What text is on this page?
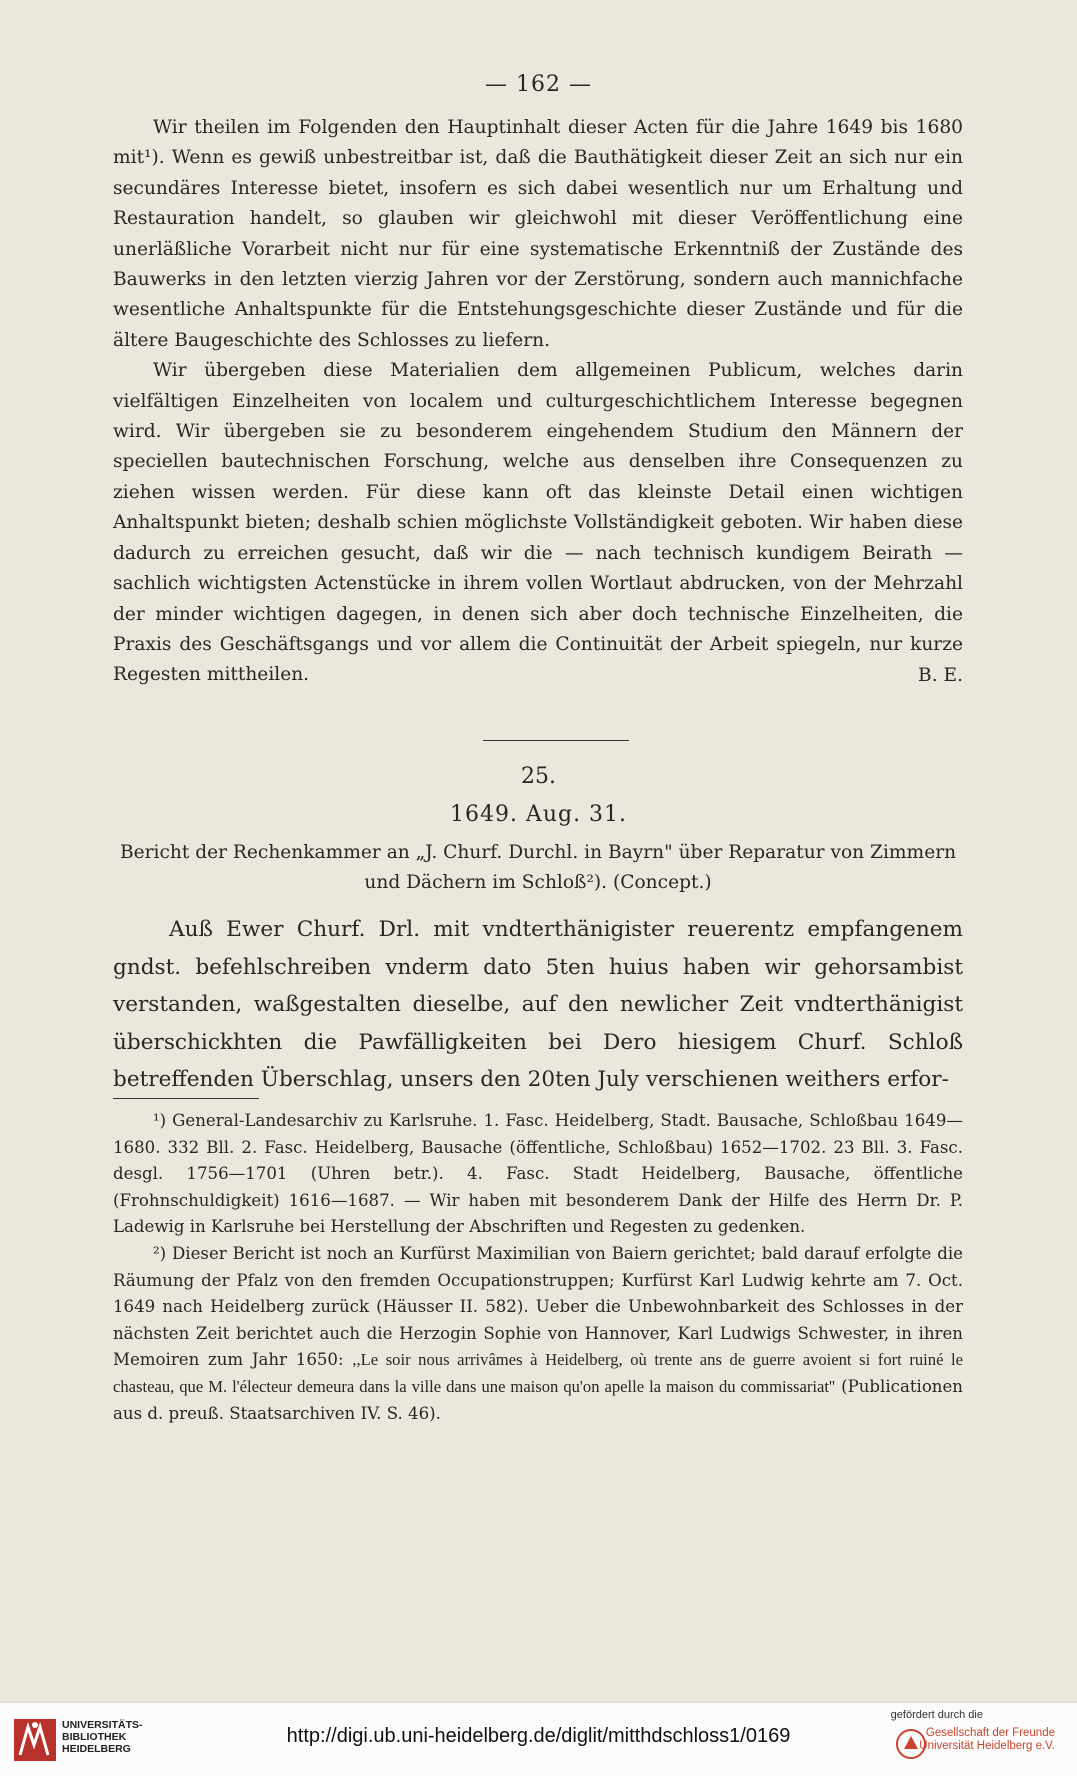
— 162 —

Wir theilen im Folgenden den Hauptinhalt dieser Acten für die Jahre 1649 bis 1680 mit¹). Wenn es gewiß unbestreitbar ist, daß die Bauthätigkeit dieser Zeit an sich nur ein secundäres Interesse bietet, insofern es sich dabei wesentlich nur um Erhaltung und Restauration handelt, so glauben wir gleichwohl mit dieser Veröffentlichung eine unerläßliche Vorarbeit nicht nur für eine systematische Erkenntniß der Zustände des Bauwerks in den letzten vierzig Jahren vor der Zerstörung, sondern auch mannichfache wesentliche Anhaltspunkte für die Entstehungsgeschichte dieser Zustände und für die ältere Baugeschichte des Schlosses zu liefern.

Wir übergeben diese Materialien dem allgemeinen Publicum, welches darin vielfältigen Einzelheiten von localem und culturgeschichtlichem Interesse begegnen wird. Wir übergeben sie zu besonderem eingehendem Studium den Männern der speciellen bautechnischen Forschung, welche aus denselben ihre Consequenzen zu ziehen wissen werden. Für diese kann oft das kleinste Detail einen wichtigen Anhaltspunkt bieten; deshalb schien möglichste Vollständigkeit geboten. Wir haben diese dadurch zu erreichen gesucht, daß wir die — nach technisch kundigem Beirath — sachlich wichtigsten Actenstücke in ihrem vollen Wortlaut abdrucken, von der Mehrzahl der minder wichtigen dagegen, in denen sich aber doch technische Einzelheiten, die Praxis des Geschäftsgangs und vor allem die Continuität der Arbeit spiegeln, nur kurze Regesten mittheilen.	B. E.
25.
1649. Aug. 31.
Bericht der Rechenkammer an „J. Churf. Durchl. in Bayrn" über Reparatur von Zimmern und Dächern im Schloß²). (Concept.)

Auß Ewer Churf. Drl. mit vndterthänigister reuerentz empfangenem gndst. befehlschreiben vnderm dato 5ten huius haben wir gehorsambist verstanden, waßgestalten dieselbe, auf den newlicher Zeit vndterthänigist überschickhten die Pawfälligkeiten bei Dero hiesigem Churf. Schloß betreffenden Überschlag, unsers den 20ten July verschienen weithers erfor-

¹) General-Landesarchiv zu Karlsruhe. 1. Fasc. Heidelberg, Stadt. Bausache, Schloßbau 1649—1680. 332 Bll. 2. Fasc. Heidelberg, Bausache (öffentliche, Schloßbau) 1652—1702. 23 Bll. 3. Fasc. desgl. 1756—1701 (Uhren betr.). 4. Fasc. Stadt Heidelberg, Bausache, öffentliche (Frohnschuldigkeit) 1616—1687. — Wir haben mit besonderem Dank der Hilfe des Herrn Dr. P. Ladewig in Karlsruhe bei Herstellung der Abschriften und Regesten zu gedenken.

²) Dieser Bericht ist noch an Kurfürst Maximilian von Baiern gerichtet; bald darauf erfolgte die Räumung der Pfalz von den fremden Occupationstruppen; Kurfürst Karl Ludwig kehrte am 7. Oct. 1649 nach Heidelberg zurück (Häusser II. 582). Ueber die Unbewohnbarkeit des Schlosses in der nächsten Zeit berichtet auch die Herzogin Sophie von Hannover, Karl Ludwigs Schwester, in ihren Memoiren zum Jahr 1650: ,,Le soir nous arrivâmes à Heidelberg, où trente ans de guerre avoient si fort ruiné le chasteau, que M. l'électeur demeura dans la ville dans une maison qu'on apelle la maison du commissariat'' (Publicationen aus d. preuß. Staatsarchiven IV. S. 46).

UNIVERSITÄTS-
BIBLIOTHEK
HEIDELBERG
http://digi.ub.uni-heidelberg.de/diglit/mitthdschloss1/0169
gefördert durch die
Gesellschaft der Freunde
Universität Heidelberg e.V.
